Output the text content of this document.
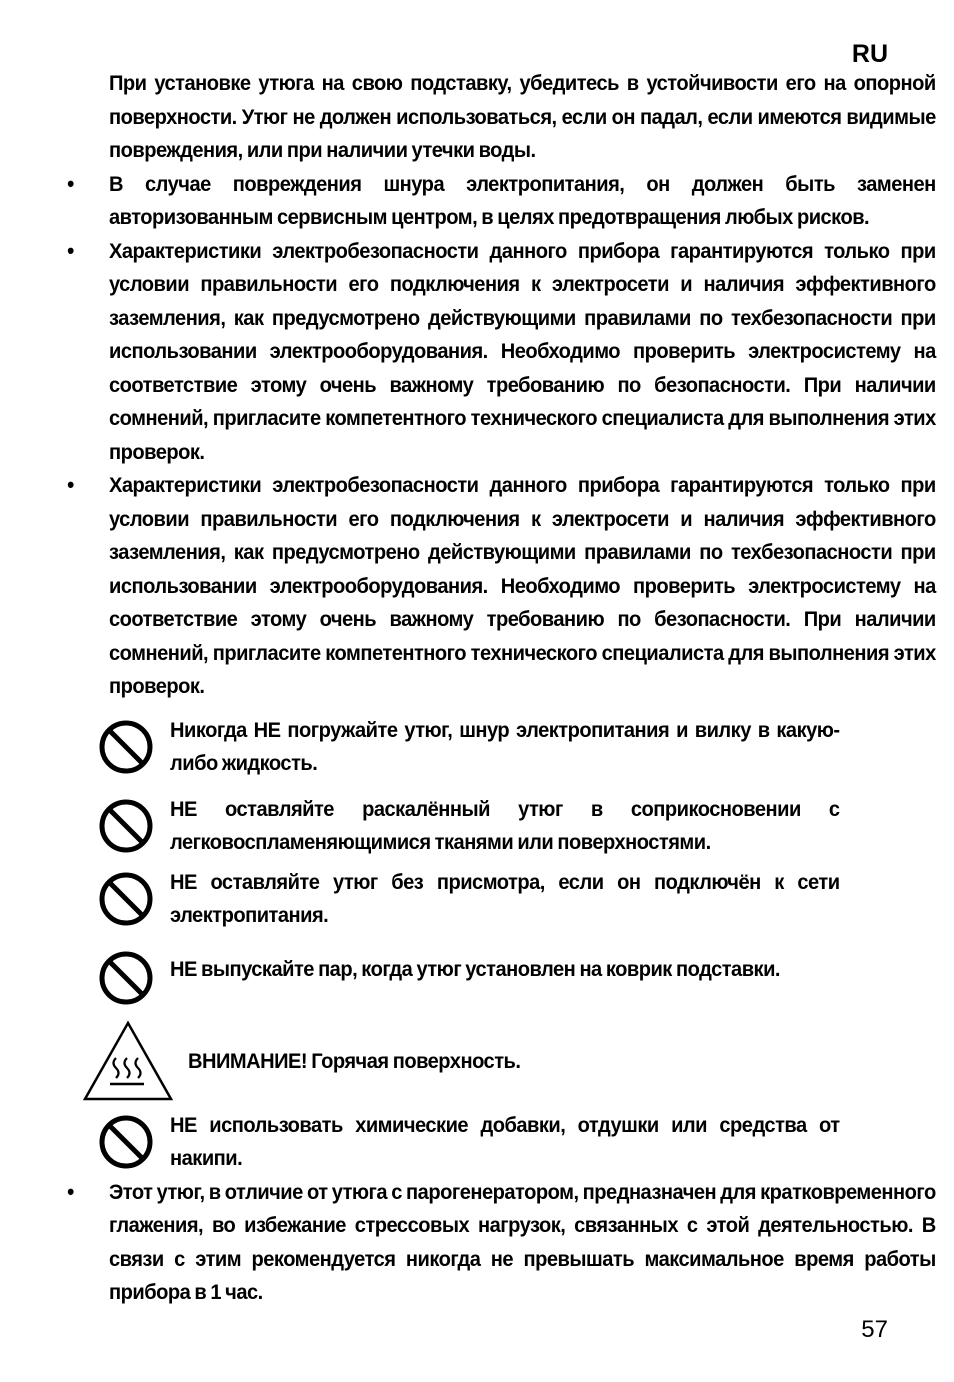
RU
При установке утюга на свою подставку, убедитесь в устойчивости его на опорной поверхности. Утюг не должен использоваться, если он падал, если имеются видимые повреждения, или при наличии утечки воды.
•	В случае повреждения шнура электропитания, он должен быть заменен авторизованным сервисным центром, в целях предотвращения любых рисков.
•	Характеристики электробезопасности данного прибора гарантируются только при условии правильности его подключения к электросети и наличия эффективного заземления, как предусмотрено действующими правилами по техбезопасности при использовании электрооборудования. Необходимо проверить электросистему на соответствие этому очень важному требованию по безопасности. При наличии сомнений, пригласите компетентного технического специалиста для выполнения этих проверок.
•	Характеристики электробезопасности данного прибора гарантируются только при условии правильности его подключения к электросети и наличия эффективного заземления, как предусмотрено действующими правилами по техбезопасности при использовании электрооборудования. Необходимо проверить электросистему на соответствие этому очень важному требованию по безопасности. При наличии сомнений, пригласите компетентного технического специалиста для выполнения этих проверок.
Никогда НЕ погружайте утюг, шнур электропитания и вилку в какую-либо жидкость.
НЕ оставляйте раскалённый утюг в соприкосновении с легковоспламеняющимися тканями или поверхностями.
НЕ оставляйте утюг без присмотра, если он подключён к сети электропитания.
НЕ выпускайте пар, когда утюг установлен на коврик подставки.
ВНИМАНИЕ! Горячая поверхность.
НЕ использовать химические добавки, отдушки или средства от накипи.
•	Этот утюг, в отличие от утюга с парогенератором, предназначен для кратковременного глажения, во избежание стрессовых нагрузок, связанных с этой деятельностью. В связи с этим рекомендуется никогда не превышать максимальное время работы прибора в 1 час.
57
